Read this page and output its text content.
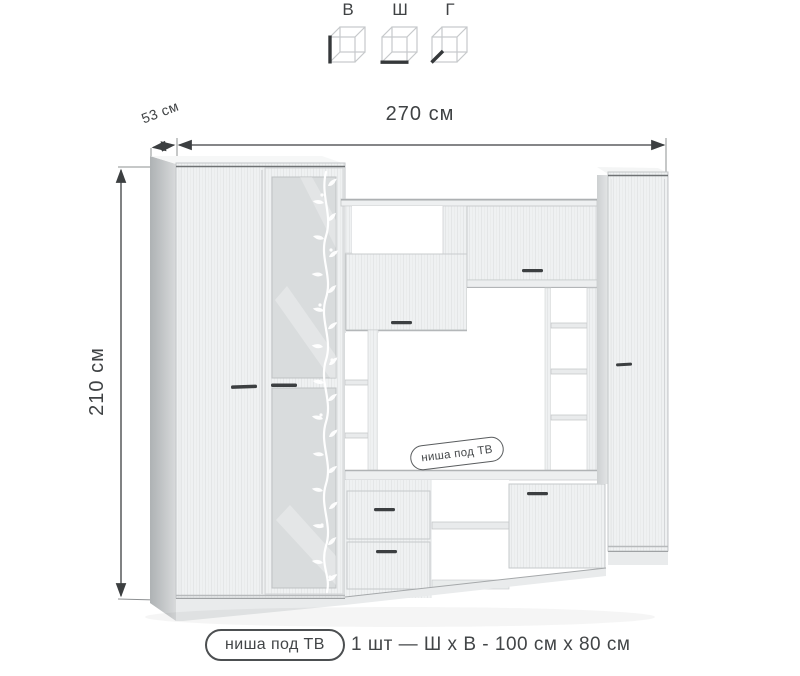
В	Ш	Г
270 см
53 см
210 см
ниша под ТВ
ниша под ТВ 1 шт — Ш х В - 100 см х 80 см
